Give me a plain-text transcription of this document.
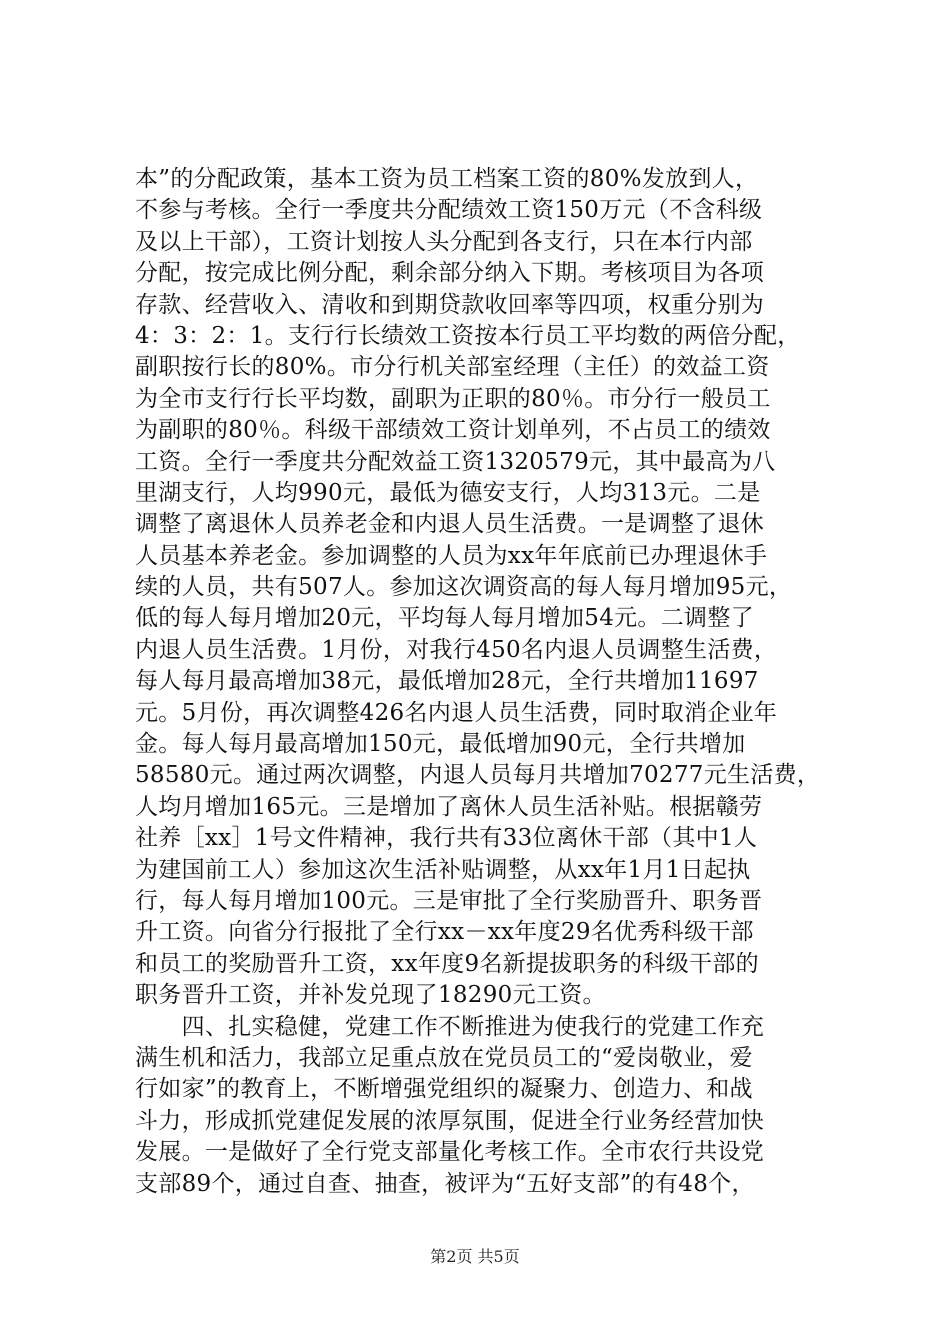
本”的分配政策，基本工资为员工档案工资的80%发放到人，
不参与考核。全行一季度共分配绩效工资150万元（不含科级
及以上干部），工资计划按人头分配到各支行，只在本行内部
分配，按完成比例分配，剩余部分纳入下期。考核项目为各项
存款、经营收入、清收和到期贷款收回率等四项，权重分别为
4：3：2：1。支行行长绩效工资按本行员工平均数的两倍分配，
副职按行长的80%。市分行机关部室经理（主任）的效益工资
为全市支行行长平均数，副职为正职的80％。市分行一般员工
为副职的80％。科级干部绩效工资计划单列，不占员工的绩效
工资。全行一季度共分配效益工资1320579元，其中最高为八
里湖支行，人均990元，最低为德安支行，人均313元。二是
调整了离退休人员养老金和内退人员生活费。一是调整了退休
人员基本养老金。参加调整的人员为xx年年底前已办理退休手
续的人员，共有507人。参加这次调资高的每人每月增加95元，
低的每人每月增加20元，平均每人每月增加54元。二调整了
内退人员生活费。1月份，对我行450名内退人员调整生活费，
每人每月最高增加38元，最低增加28元，全行共增加11697
元。5月份，再次调整426名内退人员生活费，同时取消企业年
金。每人每月最高增加150元，最低增加90元，全行共增加
58580元。通过两次调整，内退人员每月共增加70277元生活费，
人均月增加165元。三是增加了离休人员生活补贴。根据赣劳
社养［xx］1号文件精神，我行共有33位离休干部（其中1人
为建国前工人）参加这次生活补贴调整，从xx年1月1日起执
行，每人每月增加100元。三是审批了全行奖励晋升、职务晋
升工资。向省分行报批了全行xx－xx年度29名优秀科级干部
和员工的奖励晋升工资，xx年度9名新提拔职务的科级干部的
职务晋升工资，并补发兑现了18290元工资。
　　四、扎实稳健，党建工作不断推进为使我行的党建工作充
满生机和活力，我部立足重点放在党员员工的“爱岗敬业，爱
行如家”的教育上，不断增强党组织的凝聚力、创造力、和战
斗力，形成抓党建促发展的浓厚氛围，促进全行业务经营加快
发展。一是做好了全行党支部量化考核工作。全市农行共设党
支部89个，通过自查、抽查，被评为“五好支部”的有48个，
第2页 共5页
